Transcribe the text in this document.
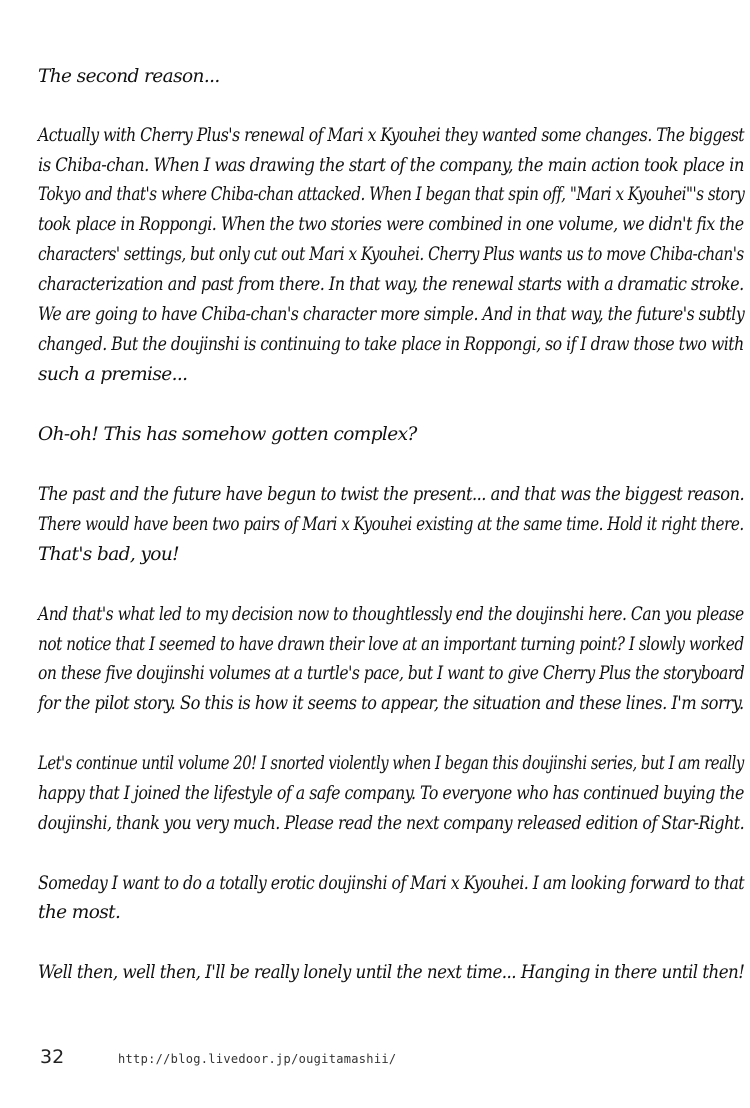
The second reason...
Actually with Cherry Plus's renewal of Mari x Kyouhei they wanted some changes. The biggest
is Chiba-chan. When I was drawing the start of the company, the main action took place in
Tokyo and that's where Chiba-chan attacked. When I began that spin off, "Mari x Kyouhei"'s story
took place in Roppongi. When the two stories were combined in one volume, we didn't fix the
characters' settings, but only cut out Mari x Kyouhei. Cherry Plus wants us to move Chiba-chan's
characterization and past from there. In that way, the renewal starts with a dramatic stroke.
We are going to have Chiba-chan's character more simple. And in that way, the future's subtly
changed. But the doujinshi is continuing to take place in Roppongi, so if I draw those two with
such a premise...
Oh-oh! This has somehow gotten complex?
The past and the future have begun to twist the present... and that was the biggest reason.
There would have been two pairs of Mari x Kyouhei existing at the same time. Hold it right there.
That's bad, you!
And that's what led to my decision now to thoughtlessly end the doujinshi here. Can you please
not notice that I seemed to have drawn their love at an important turning point? I slowly worked
on these five doujinshi volumes at a turtle's pace, but I want to give Cherry Plus the storyboard
for the pilot story. So this is how it seems to appear, the situation and these lines. I'm sorry.
Let's continue until volume 20! I snorted violently when I began this doujinshi series, but I am really
happy that I joined the lifestyle of a safe company. To everyone who has continued buying the
doujinshi, thank you very much. Please read the next company released edition of Star-Right.
Someday I want to do a totally erotic doujinshi of Mari x Kyouhei. I am looking forward to that
the most.
Well then, well then, I'll be really lonely until the next time... Hanging in there until then!
32	http://blog.livedoor.jp/ougitamashii/
